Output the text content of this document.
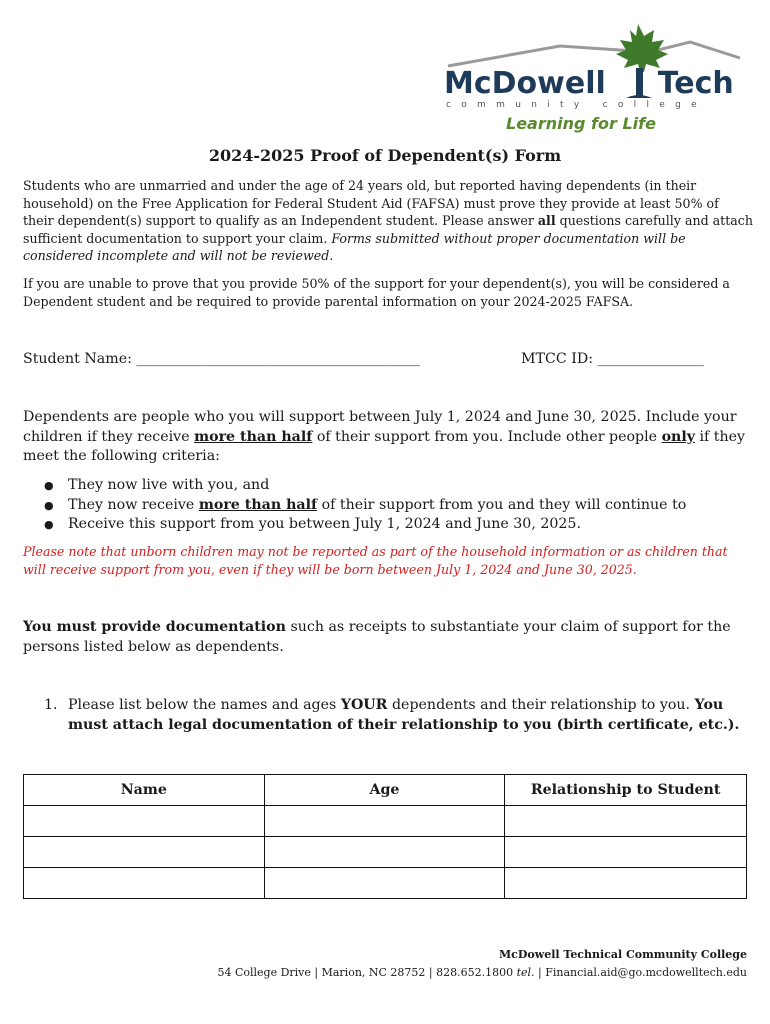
McDowell Tech
community college
Learning for Life
2024-2025 Proof of Dependent(s) Form
Students who are unmarried and under the age of 24 years old, but reported having dependents (in their household) on the Free Application for Federal Student Aid (FAFSA) must prove they provide at least 50% of their dependent(s) support to qualify as an Independent student. Please answer all questions carefully and attach sufficient documentation to support your claim. Forms submitted without proper documentation will be considered incomplete and will not be reviewed.
If you are unable to prove that you provide 50% of the support for your dependent(s), you will be considered a Dependent student and be required to provide parental information on your 2024-2025 FAFSA.
Student Name: ________________________________________	MTCC ID: _______________
Dependents are people who you will support between July 1, 2024 and June 30, 2025. Include your children if they receive more than half of their support from you. Include other people only if they meet the following criteria:
● They now live with you, and
● They now receive more than half of their support from you and they will continue to
● Receive this support from you between July 1, 2024 and June 30, 2025.
Please note that unborn children may not be reported as part of the household information or as children that will receive support from you, even if they will be born between July 1, 2024 and June 30, 2025.
You must provide documentation such as receipts to substantiate your claim of support for the persons listed below as dependents.
1. Please list below the names and ages YOUR dependents and their relationship to you. You must attach legal documentation of their relationship to you (birth certificate, etc.).
Name	Age	Relationship to Student

McDowell Technical Community College
54 College Drive | Marion, NC 28752 | 828.652.1800 tel. | Financial.aid@go.mcdowelltech.edu
